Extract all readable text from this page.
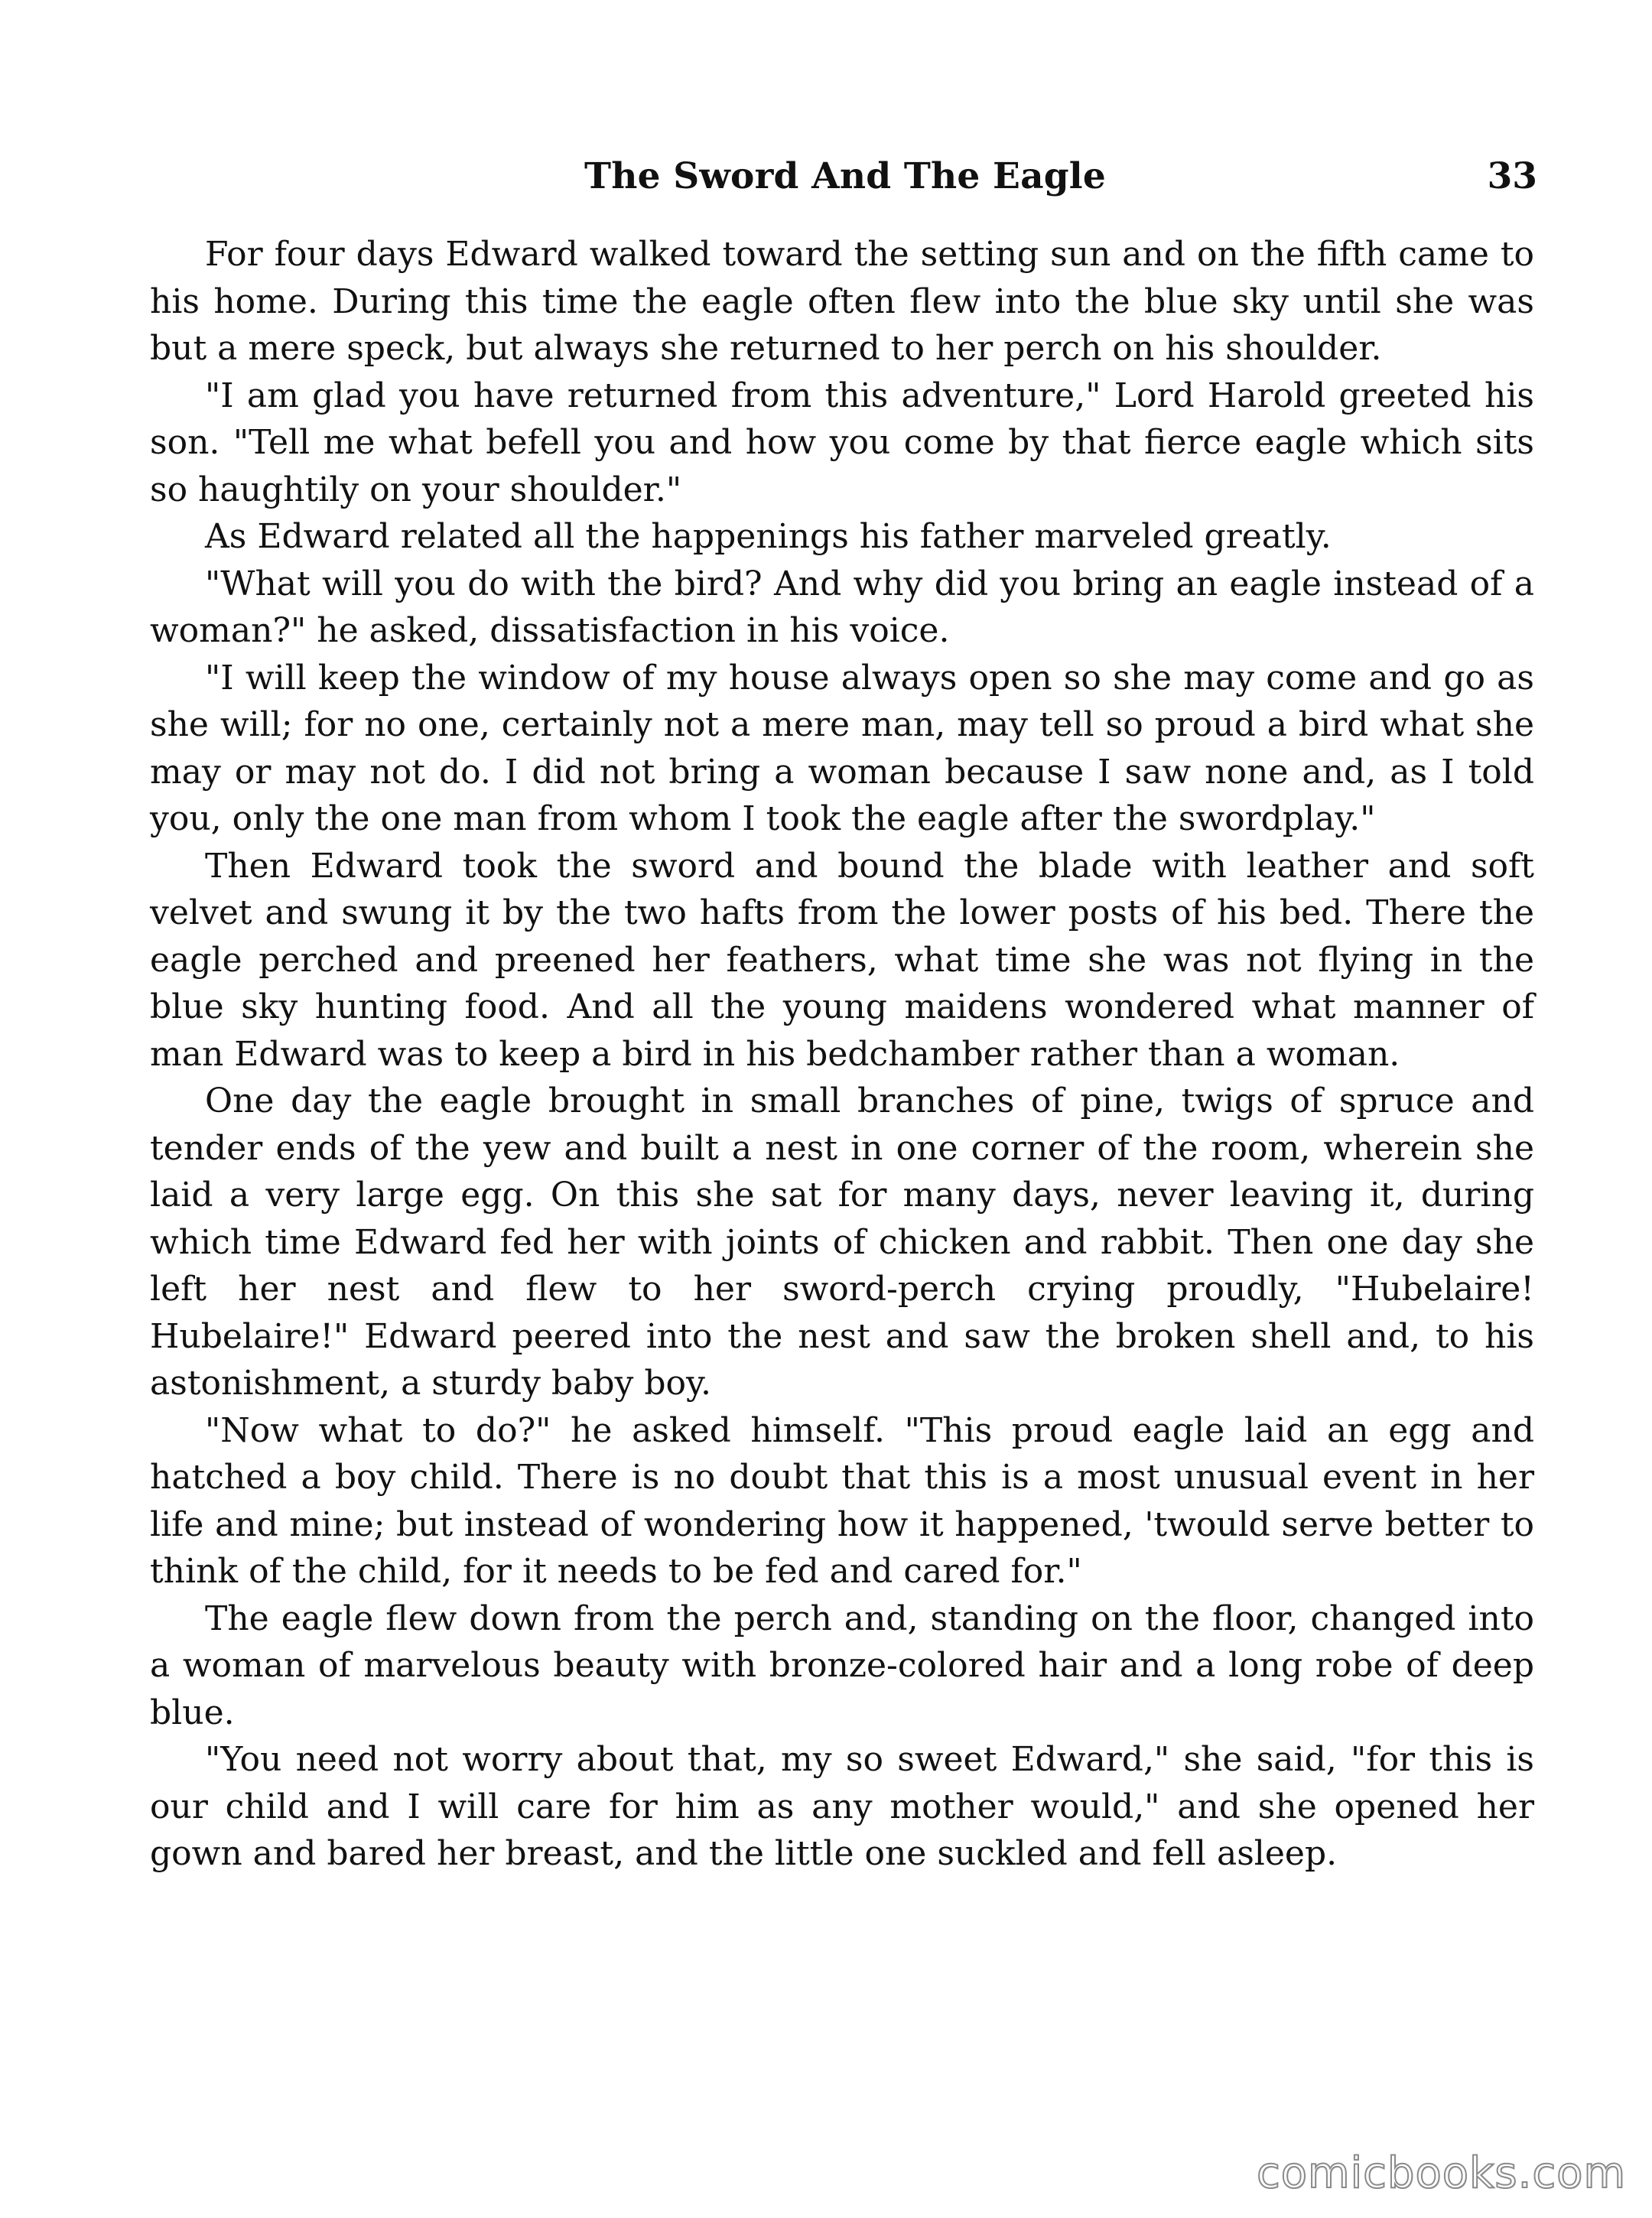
The Sword And The Eagle	33

For four days Edward walked toward the setting sun and on the fifth came to his home. During this time the eagle often flew into the blue sky until she was but a mere speck, but always she returned to her perch on his shoulder.

"I am glad you have returned from this adventure," Lord Harold greeted his son. "Tell me what befell you and how you come by that fierce eagle which sits so haughtily on your shoulder."

As Edward related all the happenings his father marveled greatly.

"What will you do with the bird? And why did you bring an eagle instead of a woman?" he asked, dissatisfaction in his voice.

"I will keep the window of my house always open so she may come and go as she will; for no one, certainly not a mere man, may tell so proud a bird what she may or may not do. I did not bring a woman because I saw none and, as I told you, only the one man from whom I took the eagle after the swordplay."

Then Edward took the sword and bound the blade with leather and soft velvet and swung it by the two hafts from the lower posts of his bed. There the eagle perched and preened her feathers, what time she was not flying in the blue sky hunting food. And all the young maidens wondered what manner of man Edward was to keep a bird in his bedchamber rather than a woman.

One day the eagle brought in small branches of pine, twigs of spruce and tender ends of the yew and built a nest in one corner of the room, wherein she laid a very large egg. On this she sat for many days, never leaving it, during which time Edward fed her with joints of chicken and rabbit. Then one day she left her nest and flew to her sword-perch crying proudly, "Hubelaire! Hubelaire!" Edward peered into the nest and saw the broken shell and, to his astonishment, a sturdy baby boy.

"Now what to do?" he asked himself. "This proud eagle laid an egg and hatched a boy child. There is no doubt that this is a most unusual event in her life and mine; but instead of wondering how it happened, 'twould serve better to think of the child, for it needs to be fed and cared for."

The eagle flew down from the perch and, standing on the floor, changed into a woman of marvelous beauty with bronze-colored hair and a long robe of deep blue.

"You need not worry about that, my so sweet Edward," she said, "for this is our child and I will care for him as any mother would," and she opened her gown and bared her breast, and the little one suckled and fell asleep.

comicbooks.com
